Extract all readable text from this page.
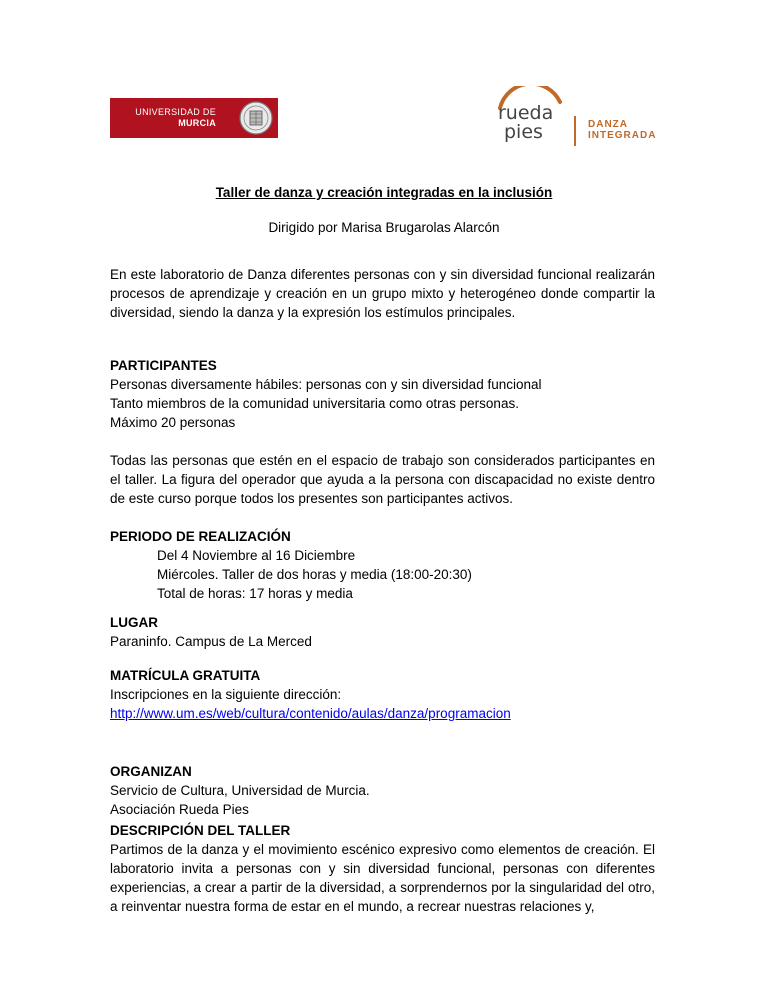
UNIVERSIDAD DE
MURCIA	rueda
pies	DANZA
INTEGRADA
Taller de danza y creación integradas en la inclusión
Dirigido por Marisa Brugarolas Alarcón
En este laboratorio de Danza diferentes personas con y sin diversidad funcional realizarán procesos de aprendizaje y creación en un grupo mixto y heterogéneo donde compartir la diversidad, siendo la danza y la expresión los estímulos principales.
PARTICIPANTES
Personas diversamente hábiles: personas con y sin diversidad funcional
Tanto miembros de la comunidad universitaria como otras personas.
Máximo 20 personas
Todas las personas que estén en el espacio de trabajo son considerados participantes en el taller. La figura del operador que ayuda a la persona con discapacidad no existe dentro de este curso porque todos los presentes son participantes activos.
PERIODO DE REALIZACIÓN
Del 4 Noviembre al 16 Diciembre
Miércoles. Taller de dos horas y media (18:00-20:30)
Total de horas: 17 horas y media
LUGAR
Paraninfo. Campus de La Merced
MATRÍCULA GRATUITA
Inscripciones en la siguiente dirección:
http://www.um.es/web/cultura/contenido/aulas/danza/programacion
ORGANIZAN
Servicio de Cultura, Universidad de Murcia.
Asociación Rueda Pies
DESCRIPCIÓN DEL TALLER
Partimos de la danza y el movimiento escénico expresivo como elementos de creación. El laboratorio invita a personas con y sin diversidad funcional, personas con diferentes experiencias, a crear a partir de la diversidad, a sorprendernos por la singularidad del otro, a reinventar nuestra forma de estar en el mundo, a recrear nuestras relaciones y,
